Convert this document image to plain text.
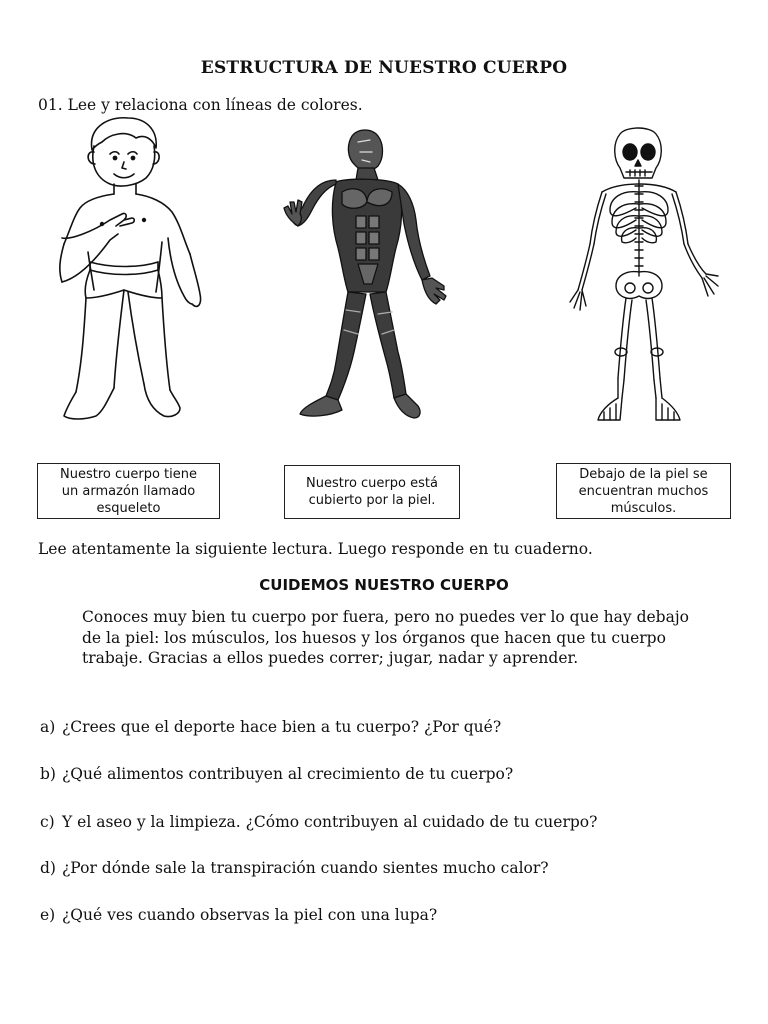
ESTRUCTURA DE NUESTRO CUERPO
01. Lee y relaciona con líneas de colores.
Nuestro cuerpo tiene
un armazón llamado
esqueleto
Nuestro cuerpo está
cubierto por la piel.
Debajo de la piel se
encuentran muchos
músculos.
Lee atentamente la siguiente lectura. Luego responde en tu cuaderno.
CUIDEMOS NUESTRO CUERPO
Conoces muy bien tu cuerpo por fuera, pero no puedes ver lo que hay debajo de la piel: los músculos, los huesos y los órganos que hacen que tu cuerpo trabaje. Gracias a ellos puedes correr; jugar, nadar y aprender.
a) ¿Crees que el deporte hace bien a tu cuerpo? ¿Por qué?
b) ¿Qué alimentos contribuyen al crecimiento de tu cuerpo?
c) Y el aseo y la limpieza. ¿Cómo contribuyen al cuidado de tu cuerpo?
d) ¿Por dónde sale la transpiración cuando sientes mucho calor?
e) ¿Qué ves cuando observas la piel con una lupa?
